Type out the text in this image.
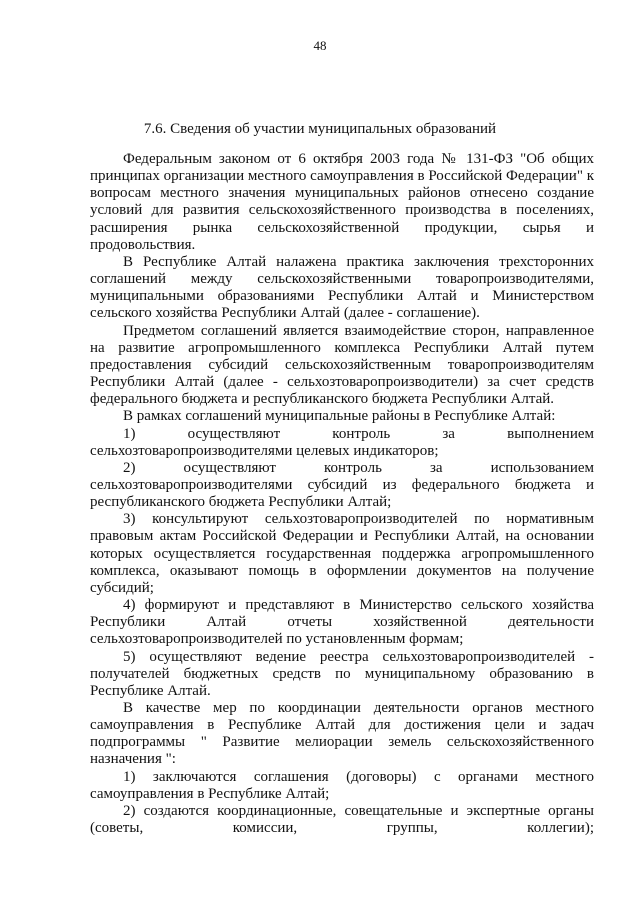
48
7.6. Сведения об участии муниципальных образований

Федеральным законом от 6 октября 2003 года № 131-ФЗ "Об общих принципах организации местного самоуправления в Российской Федерации" к вопросам местного значения муниципальных районов отнесено создание условий для развития сельскохозяйственного производства в поселениях, расширения рынка сельскохозяйственной продукции, сырья и продовольствия.

В Республике Алтай налажена практика заключения трехсторонних соглашений между сельскохозяйственными товаропроизводителями, муниципальными образованиями Республики Алтай и Министерством сельского хозяйства Республики Алтай (далее - соглашение).

Предметом соглашений является взаимодействие сторон, направленное на развитие агропромышленного комплекса Республики Алтай путем предоставления субсидий сельскохозяйственным товаропроизводителям Республики Алтай (далее - сельхозтоваропроизводители) за счет средств федерального бюджета и республиканского бюджета Республики Алтай.

В рамках соглашений муниципальные районы в Республике Алтай:

1) осуществляют контроль за выполнением сельхозтоваропроизводителями целевых индикаторов;

2) осуществляют контроль за использованием сельхозтоваропроизводителями субсидий из федерального бюджета и республиканского бюджета Республики Алтай;

3) консультируют сельхозтоваропроизводителей по нормативным правовым актам Российской Федерации и Республики Алтай, на основании которых осуществляется государственная поддержка агропромышленного комплекса, оказывают помощь в оформлении документов на получение субсидий;

4) формируют и представляют в Министерство сельского хозяйства Республики Алтай отчеты хозяйственной деятельности сельхозтоваропроизводителей по установленным формам;

5) осуществляют ведение реестра сельхозтоваропроизводителей - получателей бюджетных средств по муниципальному образованию в Республике Алтай.

В качестве мер по координации деятельности органов местного самоуправления в Республике Алтай для достижения цели и задач подпрограммы " Развитие мелиорации земель сельскохозяйственного назначения ":

1) заключаются соглашения (договоры) с органами местного самоуправления в Республике Алтай;

2) создаются координационные, совещательные и экспертные органы (советы, комиссии, группы, коллегии);
